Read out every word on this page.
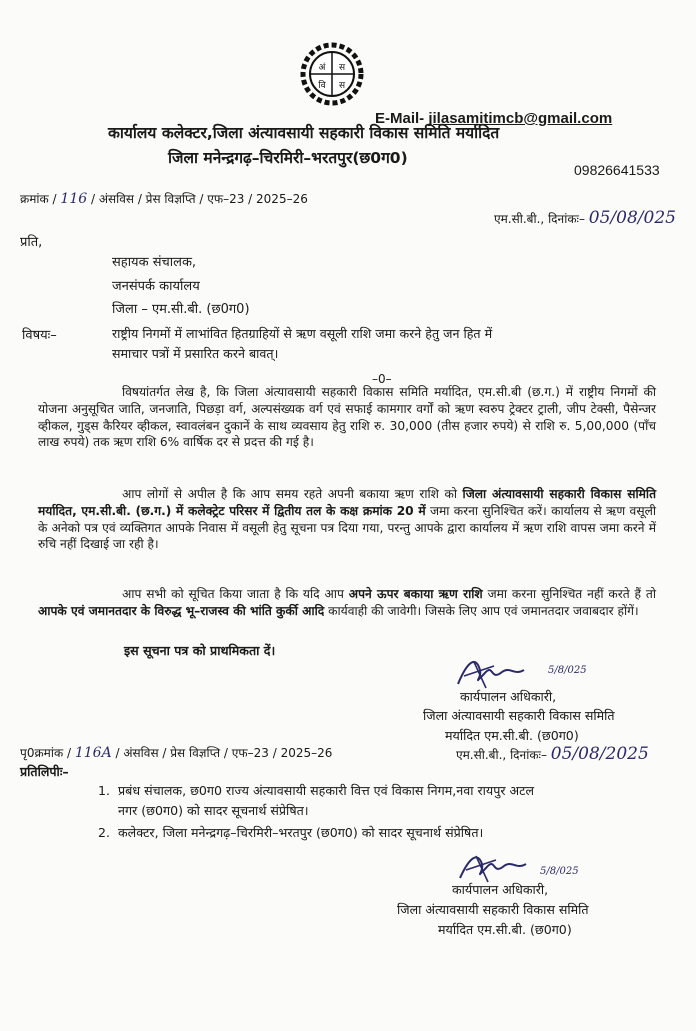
अं स
वि स
E-Mail- jilasamitimcb@gmail.com
कार्यालय कलेक्टर,जिला अंत्यावसायी सहकारी विकास समिति मर्यादित
जिला मनेन्द्रगढ़–चिरमिरी–भरतपुर(छ0ग0)
09826641533
क्रमांक / 116 / अंसविस / प्रेस विज्ञप्ति / एफ–23 / 2025–26
एम.सी.बी., दिनांकः– 05/08/025
प्रति,
सहायक संचालक,
जनसंपर्क कार्यालय
जिला – एम.सी.बी. (छ0ग0)
विषयः–	राष्ट्रीय निगमों में लाभांवित हितग्राहियों से ऋण वसूली राशि जमा करने हेतु जन हित में
समाचार पत्रों में प्रसारित करने बावत्।
–0–
विषयांतर्गत लेख है, कि जिला अंत्यावसायी सहकारी विकास समिति मर्यादित, एम.सी.बी (छ.ग.) में राष्ट्रीय निगमों की योजना अनुसूचित जाति, जनजाति, पिछड़ा वर्ग, अल्पसंख्यक वर्ग एवं सफाई कामगार वर्गों को ऋण स्वरुप ट्रेक्टर ट्राली, जीप टेक्सी, पैसेन्जर व्हीकल, गुड्स कैरियर व्हीकल, स्वावलंबन दुकानें के साथ व्यवसाय हेतु राशि रु. 30,000 (तीस हजार रुपये) से राशि रु. 5,00,000 (पाँच लाख रुपये) तक ऋण राशि 6% वार्षिक दर से प्रदत्त की गई है।
आप लोगों से अपील है कि आप समय रहते अपनी बकाया ऋण राशि को जिला अंत्यावसायी सहकारी विकास समिति मर्यादित, एम.सी.बी. (छ.ग.) में कलेक्ट्रेट परिसर में द्वितीय तल के कक्ष क्रमांक 20 में जमा करना सुनिश्चित करें। कार्यालय से ऋण वसूली के अनेको पत्र एवं व्यक्तिगत आपके निवास में वसूली हेतु सूचना पत्र दिया गया, परन्तु आपके द्वारा कार्यालय में ऋण राशि वापस जमा करने में रुचि नहीं दिखाई जा रही है।
आप सभी को सूचित किया जाता है कि यदि आप अपने ऊपर बकाया ऋण राशि जमा करना सुनिश्चित नहीं करते हैं तो आपके एवं जमानतदार के विरुद्ध भू–राजस्व की भांति कुर्की आदि कार्यवाही की जावेगी। जिसके लिए आप एवं जमानतदार जवाबदार होंगें।
इस सूचना पत्र को प्राथमिकता दें।
5/8/025
कार्यपालन अधिकारी,
जिला अंत्यावसायी सहकारी विकास समिति
मर्यादित एम.सी.बी. (छ0ग0)
पृ0क्रमांक / 116A / अंसविस / प्रेस विज्ञप्ति / एफ–23 / 2025–26	एम.सी.बी., दिनांकः– 05/08/2025
प्रतिलिपीः–
1. प्रबंध संचालक, छ0ग0 राज्य अंत्यावसायी सहकारी वित्त एवं विकास निगम,नवा रायपुर अटल
नगर (छ0ग0) को सादर सूचनार्थ संप्रेषित।
2. कलेक्टर, जिला मनेन्द्रगढ़–चिरमिरी–भरतपुर (छ0ग0) को सादर सूचनार्थ संप्रेषित।
5/8/025
कार्यपालन अधिकारी,
जिला अंत्यावसायी सहकारी विकास समिति
मर्यादित एम.सी.बी. (छ0ग0)
